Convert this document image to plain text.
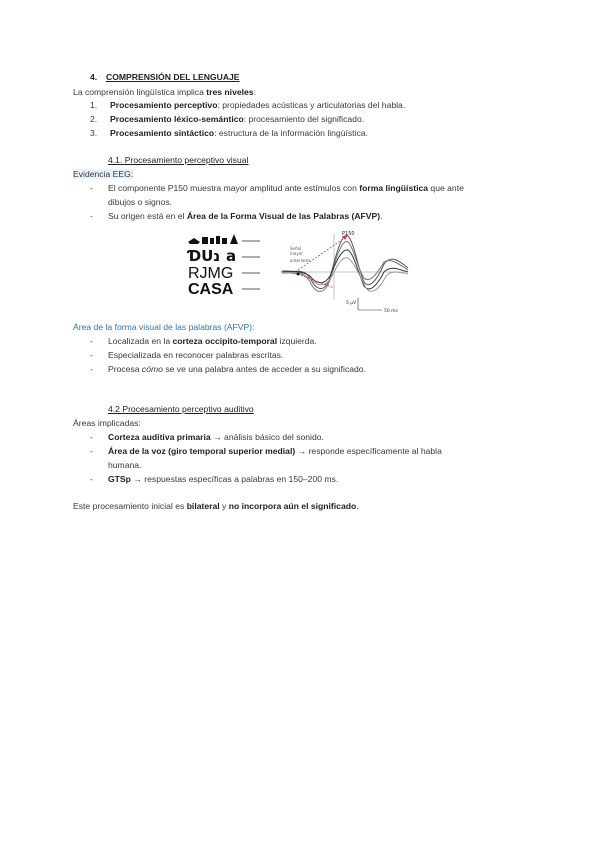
4. COMPRENSIÓN DEL LENGUAJE
La comprensión lingüística implica tres niveles:
1. Procesamiento perceptivo: propiedades acústicas y articulatorias del habla.
2. Procesamiento léxico-semántico: procesamiento del significado.
3. Procesamiento sintáctico: estructura de la información lingüística.
4.1. Procesamiento perceptivo visual
Evidencia EEG:
- El componente P150 muestra mayor amplitud ante estímulos con forma lingüística que ante
dibujos o signos.
- Su origen está en el Área de la Forma Visual de las Palabras (AFVP).
ƊUנ a
RJMG
CASA
Señal
mayor
anteriores
P150
5 μV
50 ms
Área de la forma visual de las palabras (AFVP):
- Localizada en la corteza occipito-temporal izquierda.
- Especializada en reconocer palabras escritas.
- Procesa cómo se ve una palabra antes de acceder a su significado.
4.2 Procesamiento perceptivo auditivo
Áreas implicadas:
- Corteza auditiva primaria → análisis básico del sonido.
- Área de la voz (giro temporal superior medial) → responde específicamente al habla
humana.
- GTSp → respuestas específicas a palabras en 150–200 ms.
Este procesamiento inicial es bilateral y no incorpora aún el significado.
